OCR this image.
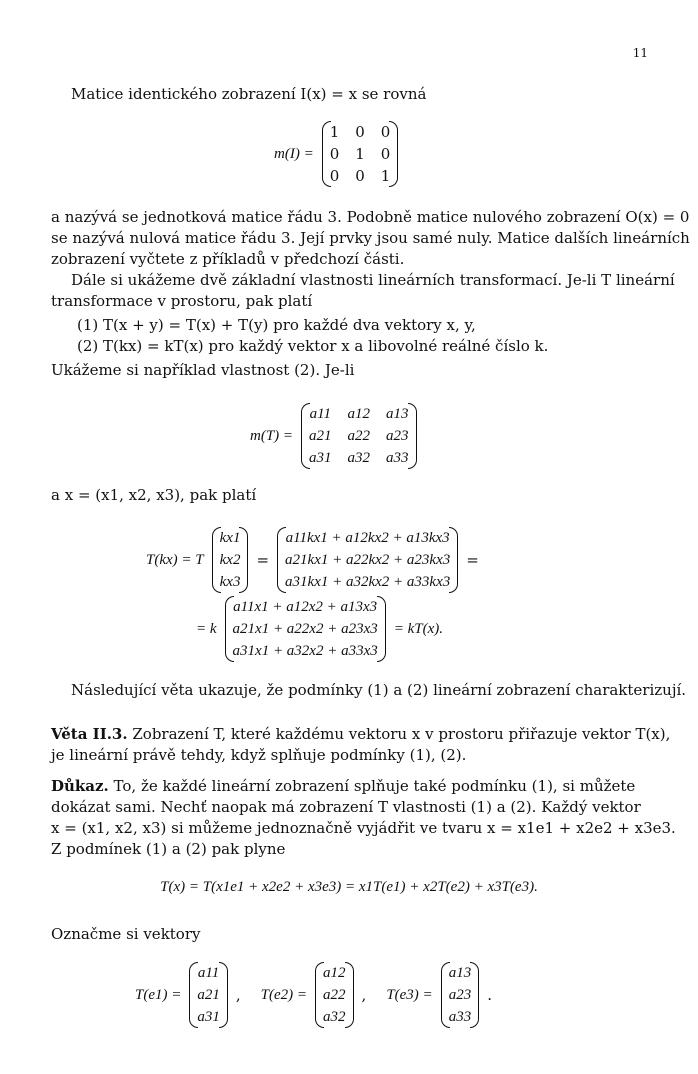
11
Matice identického zobrazení I(x) = x se rovná
m(I) =
1 0 0
0 1 0
0 0 1
a nazývá se jednotková matice řádu 3. Podobně matice nulového zobrazení O(x) = 0
se nazývá nulová matice řádu 3. Její prvky jsou samé nuly. Matice dalších lineárních
zobrazení vyčtete z příkladů v předchozí části.
Dále si ukážeme dvě základní vlastnosti lineárních transformací. Je-li T lineární
transformace v prostoru, pak platí
(1) T(x + y) = T(x) + T(y) pro každé dva vektory x, y,
(2) T(kx) = kT(x) pro každý vektor x a libovolné reálné číslo k.
Ukážeme si například vlastnost (2). Je-li
m(T) =
a11 a12 a13
a21 a22 a23
a31 a32 a33
a x = (x1, x2, x3), pak platí
T(kx) = T
kx1
kx2
kx3
=
a11kx1 + a12kx2 + a13kx3
a21kx1 + a22kx2 + a23kx3
a31kx1 + a32kx2 + a33kx3
=
= k
a11x1 + a12x2 + a13x3
a21x1 + a22x2 + a23x3
a31x1 + a32x2 + a33x3
= kT(x).
Následující věta ukazuje, že podmínky (1) a (2) lineární zobrazení charakterizují.
Věta II.3. Zobrazení T, které každému vektoru x v prostoru přiřazuje vektor T(x),
je lineární právě tehdy, když splňuje podmínky (1), (2).
Důkaz. To, že každé lineární zobrazení splňuje také podmínku (1), si můžete
dokázat sami. Nechť naopak má zobrazení T vlastnosti (1) a (2). Každý vektor
x = (x1, x2, x3) si můžeme jednoznačně vyjádřit ve tvaru x = x1e1 + x2e2 + x3e3.
Z podmínek (1) a (2) pak plyne
T(x) = T(x1e1 + x2e2 + x3e3) = x1T(e1) + x2T(e2) + x3T(e3).
Označme si vektory
T(e1) =
a11
a21
a31
, T(e2) =
a12
a22
a32
, T(e3) =
a13
a23
a33
.
